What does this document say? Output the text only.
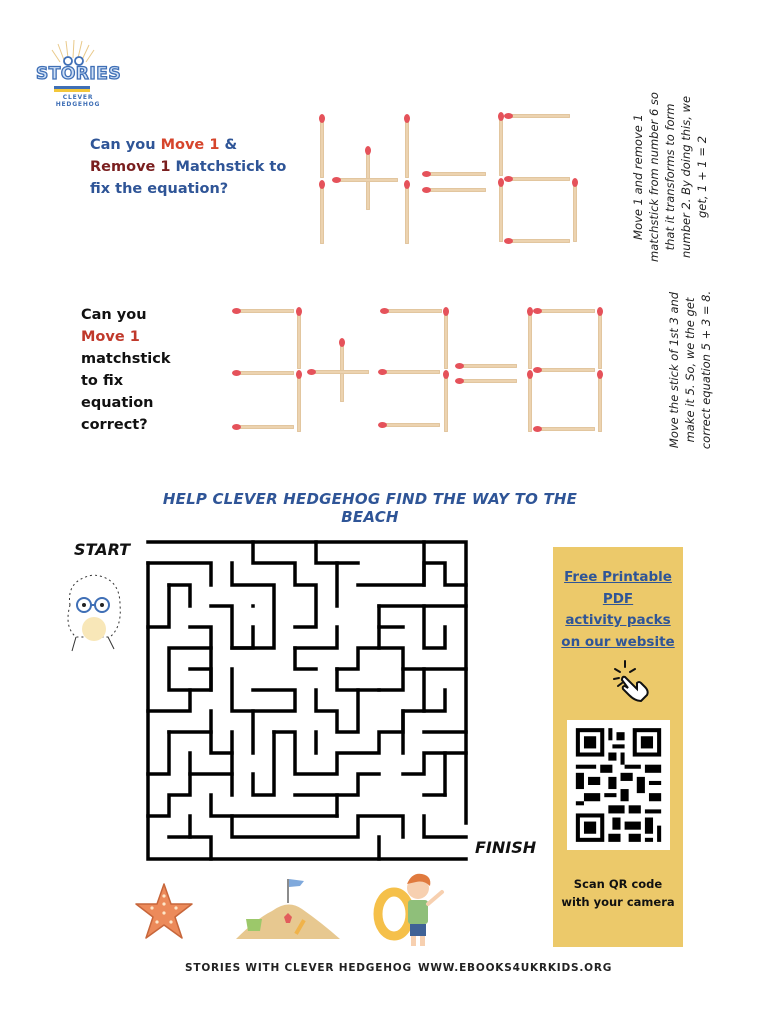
STORIES
CLEVER
HEDGEHOG
Can you Move 1 &
Remove 1 Matchstick to
fix the equation?	Move 1 and remove 1 matchstick from number 6 so that it transforms to form number 2. By doing this, we get, 1 + 1 = 2
Can you
Move 1
matchstick
to fix
equation
correct?	Move the stick of 1st 3 and make it 5. So, we the get correct equation 5 + 3 = 8.
HELP CLEVER HEDGEHOG FIND THE WAY TO THE BEACH
START
FINISH
Free Printable
PDF
activity packs
on our website
Scan QR code
with your camera
STORIES WITH CLEVER HEDGEHOG WWW.EBOOKS4UKRKIDS.ORG
